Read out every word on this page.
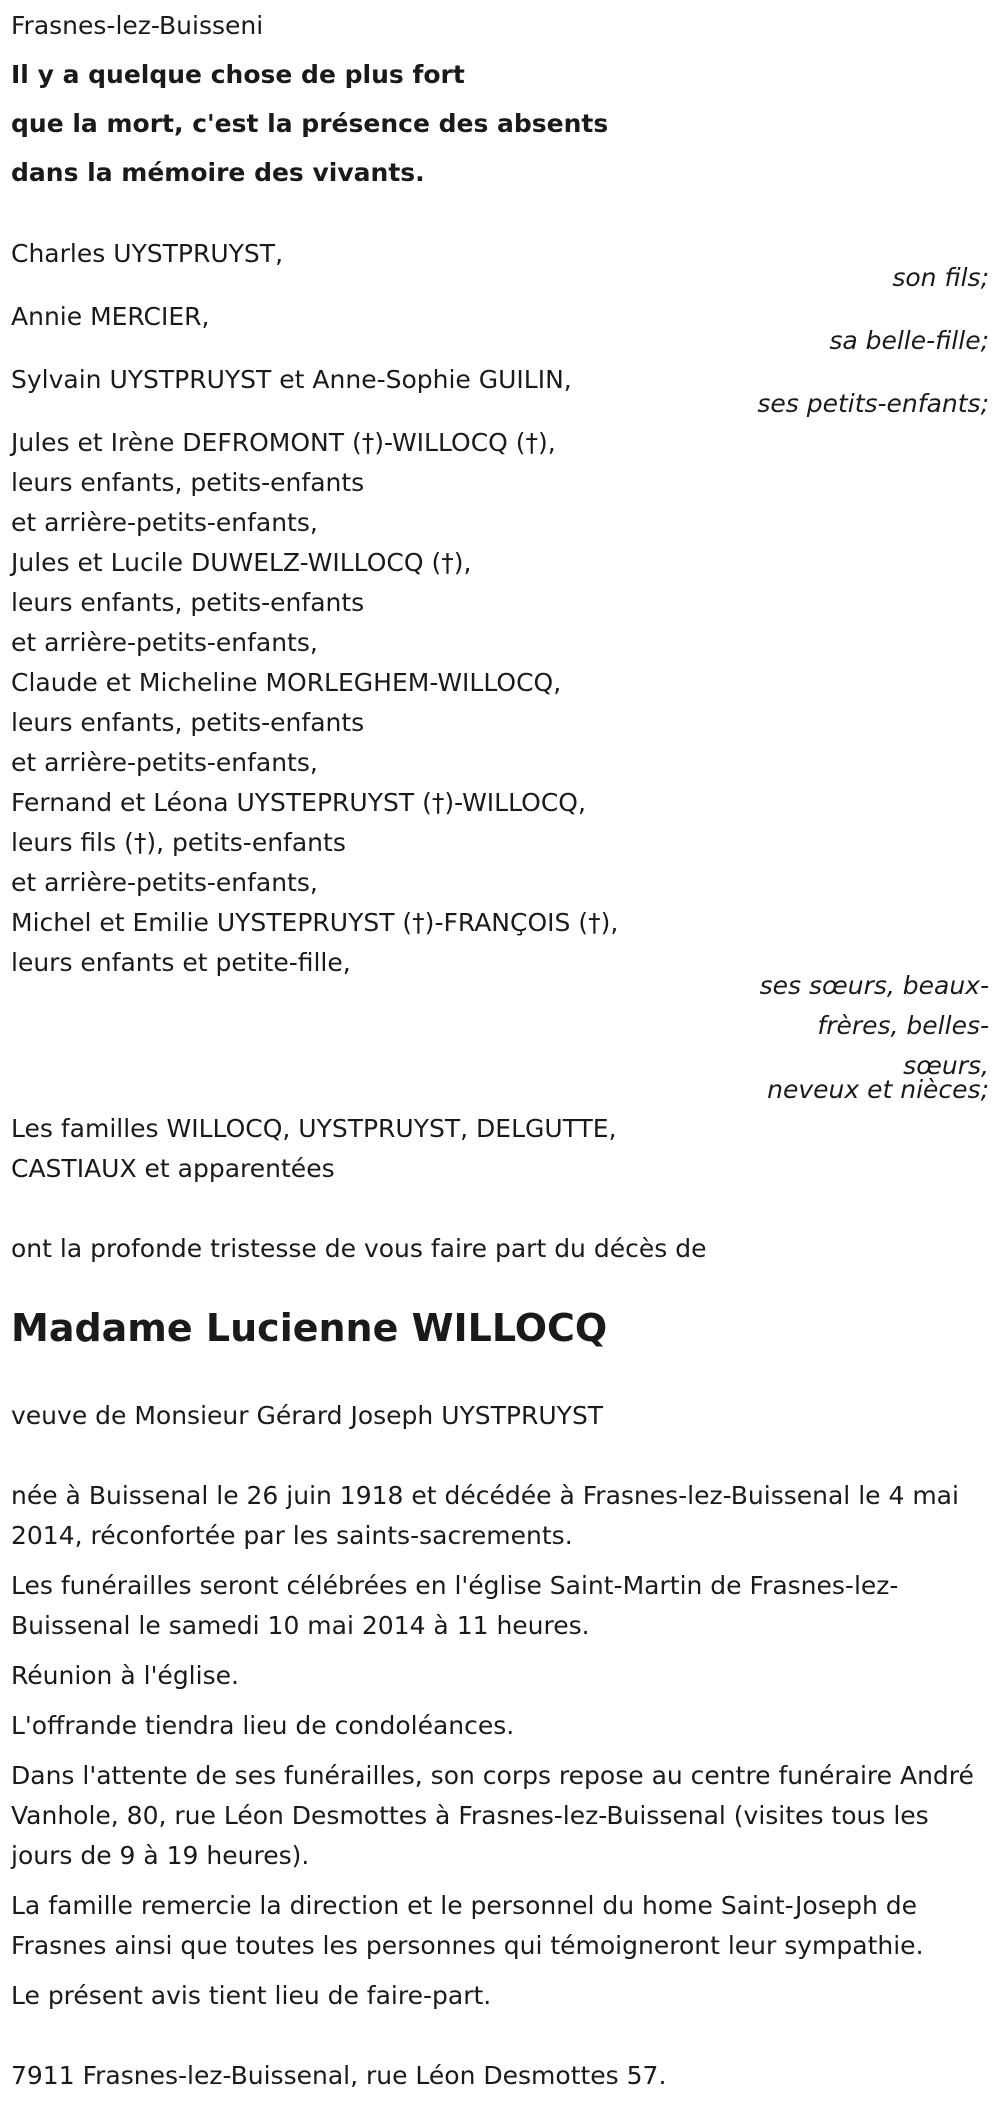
Frasnes-lez-Buisseni
Il y a quelque chose de plus fort
que la mort, c'est la présence des absents
dans la mémoire des vivants.
Charles UYSTPRUYST,
son fils;
Annie MERCIER,
sa belle-fille;
Sylvain UYSTPRUYST et Anne-Sophie GUILIN,
ses petits-enfants;
Jules et Irène DEFROMONT (†)-WILLOCQ (†),
leurs enfants, petits-enfants
et arrière-petits-enfants,
Jules et Lucile DUWELZ-WILLOCQ (†),
leurs enfants, petits-enfants
et arrière-petits-enfants,
Claude et Micheline MORLEGHEM-WILLOCQ,
leurs enfants, petits-enfants
et arrière-petits-enfants,
Fernand et Léona UYSTEPRUYST (†)-WILLOCQ,
leurs fils (†), petits-enfants
et arrière-petits-enfants,
Michel et Emilie UYSTEPRUYST (†)-FRANÇOIS (†),
leurs enfants et petite-fille,
ses sœurs, beaux-frères, belles-sœurs,
neveux et nièces;
Les familles WILLOCQ, UYSTPRUYST, DELGUTTE,
CASTIAUX et apparentées
ont la profonde tristesse de vous faire part du décès de
Madame Lucienne WILLOCQ
veuve de Monsieur Gérard Joseph UYSTPRUYST
née à Buissenal le 26 juin 1918 et décédée à Frasnes-lez-Buissenal le 4 mai 2014, réconfortée par les saints-sacrements.
Les funérailles seront célébrées en l'église Saint-Martin de Frasnes-lez-Buissenal le samedi 10 mai 2014 à 11 heures.
Réunion à l'église.
L'offrande tiendra lieu de condoléances.
Dans l'attente de ses funérailles, son corps repose au centre funéraire André Vanhole, 80, rue Léon Desmottes à Frasnes-lez-Buissenal (visites tous les jours de 9 à 19 heures).
La famille remercie la direction et le personnel du home Saint-Joseph de Frasnes ainsi que toutes les personnes qui témoigneront leur sympathie.
Le présent avis tient lieu de faire-part.
7911 Frasnes-lez-Buissenal, rue Léon Desmottes 57.
